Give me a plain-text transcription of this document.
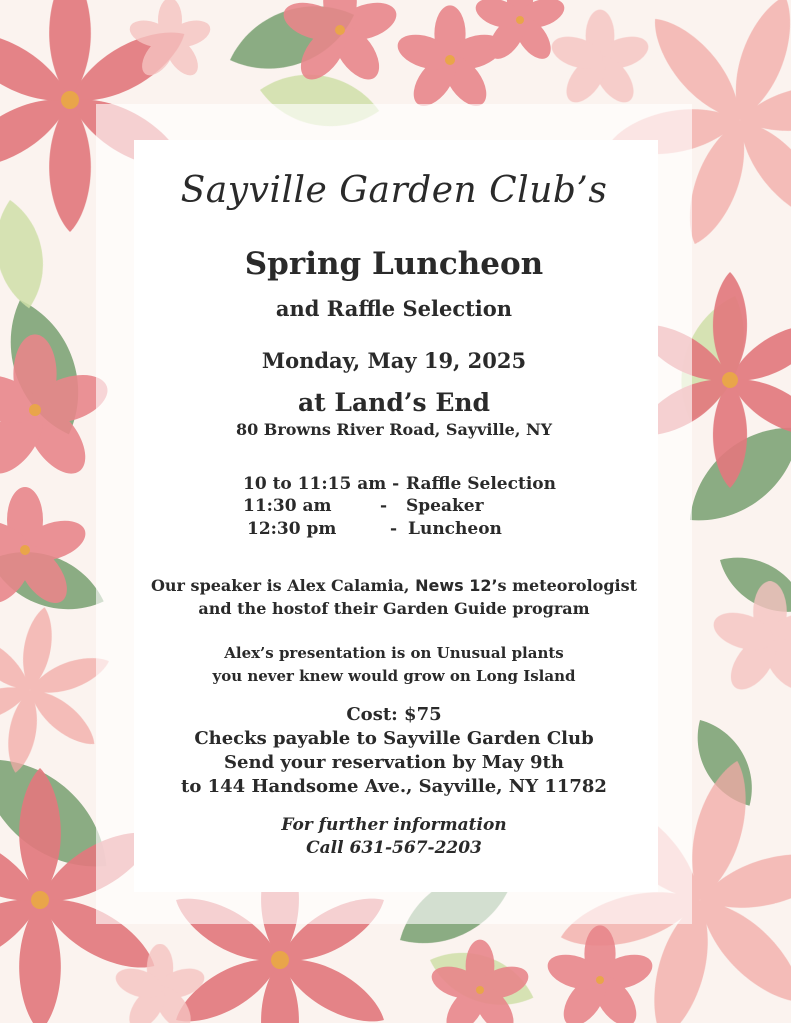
Sayville Garden Club’s
Spring Luncheon
and Raffle Selection
Monday, May 19, 2025
at Land’s End
80 Browns River Road, Sayville, NY
10 to 11:15 am - Raffle Selection
11:30 am	- Speaker
12:30 pm	- Luncheon
Our speaker is Alex Calamia, News 12’s meteorologist
and the hostof their Garden Guide program
Alex’s presentation is on Unusual plants
you never knew would grow on Long Island
Cost: $75
Checks payable to Sayville Garden Club
Send your reservation by May 9th
to 144 Handsome Ave., Sayville, NY 11782
For further information
Call 631-567-2203
